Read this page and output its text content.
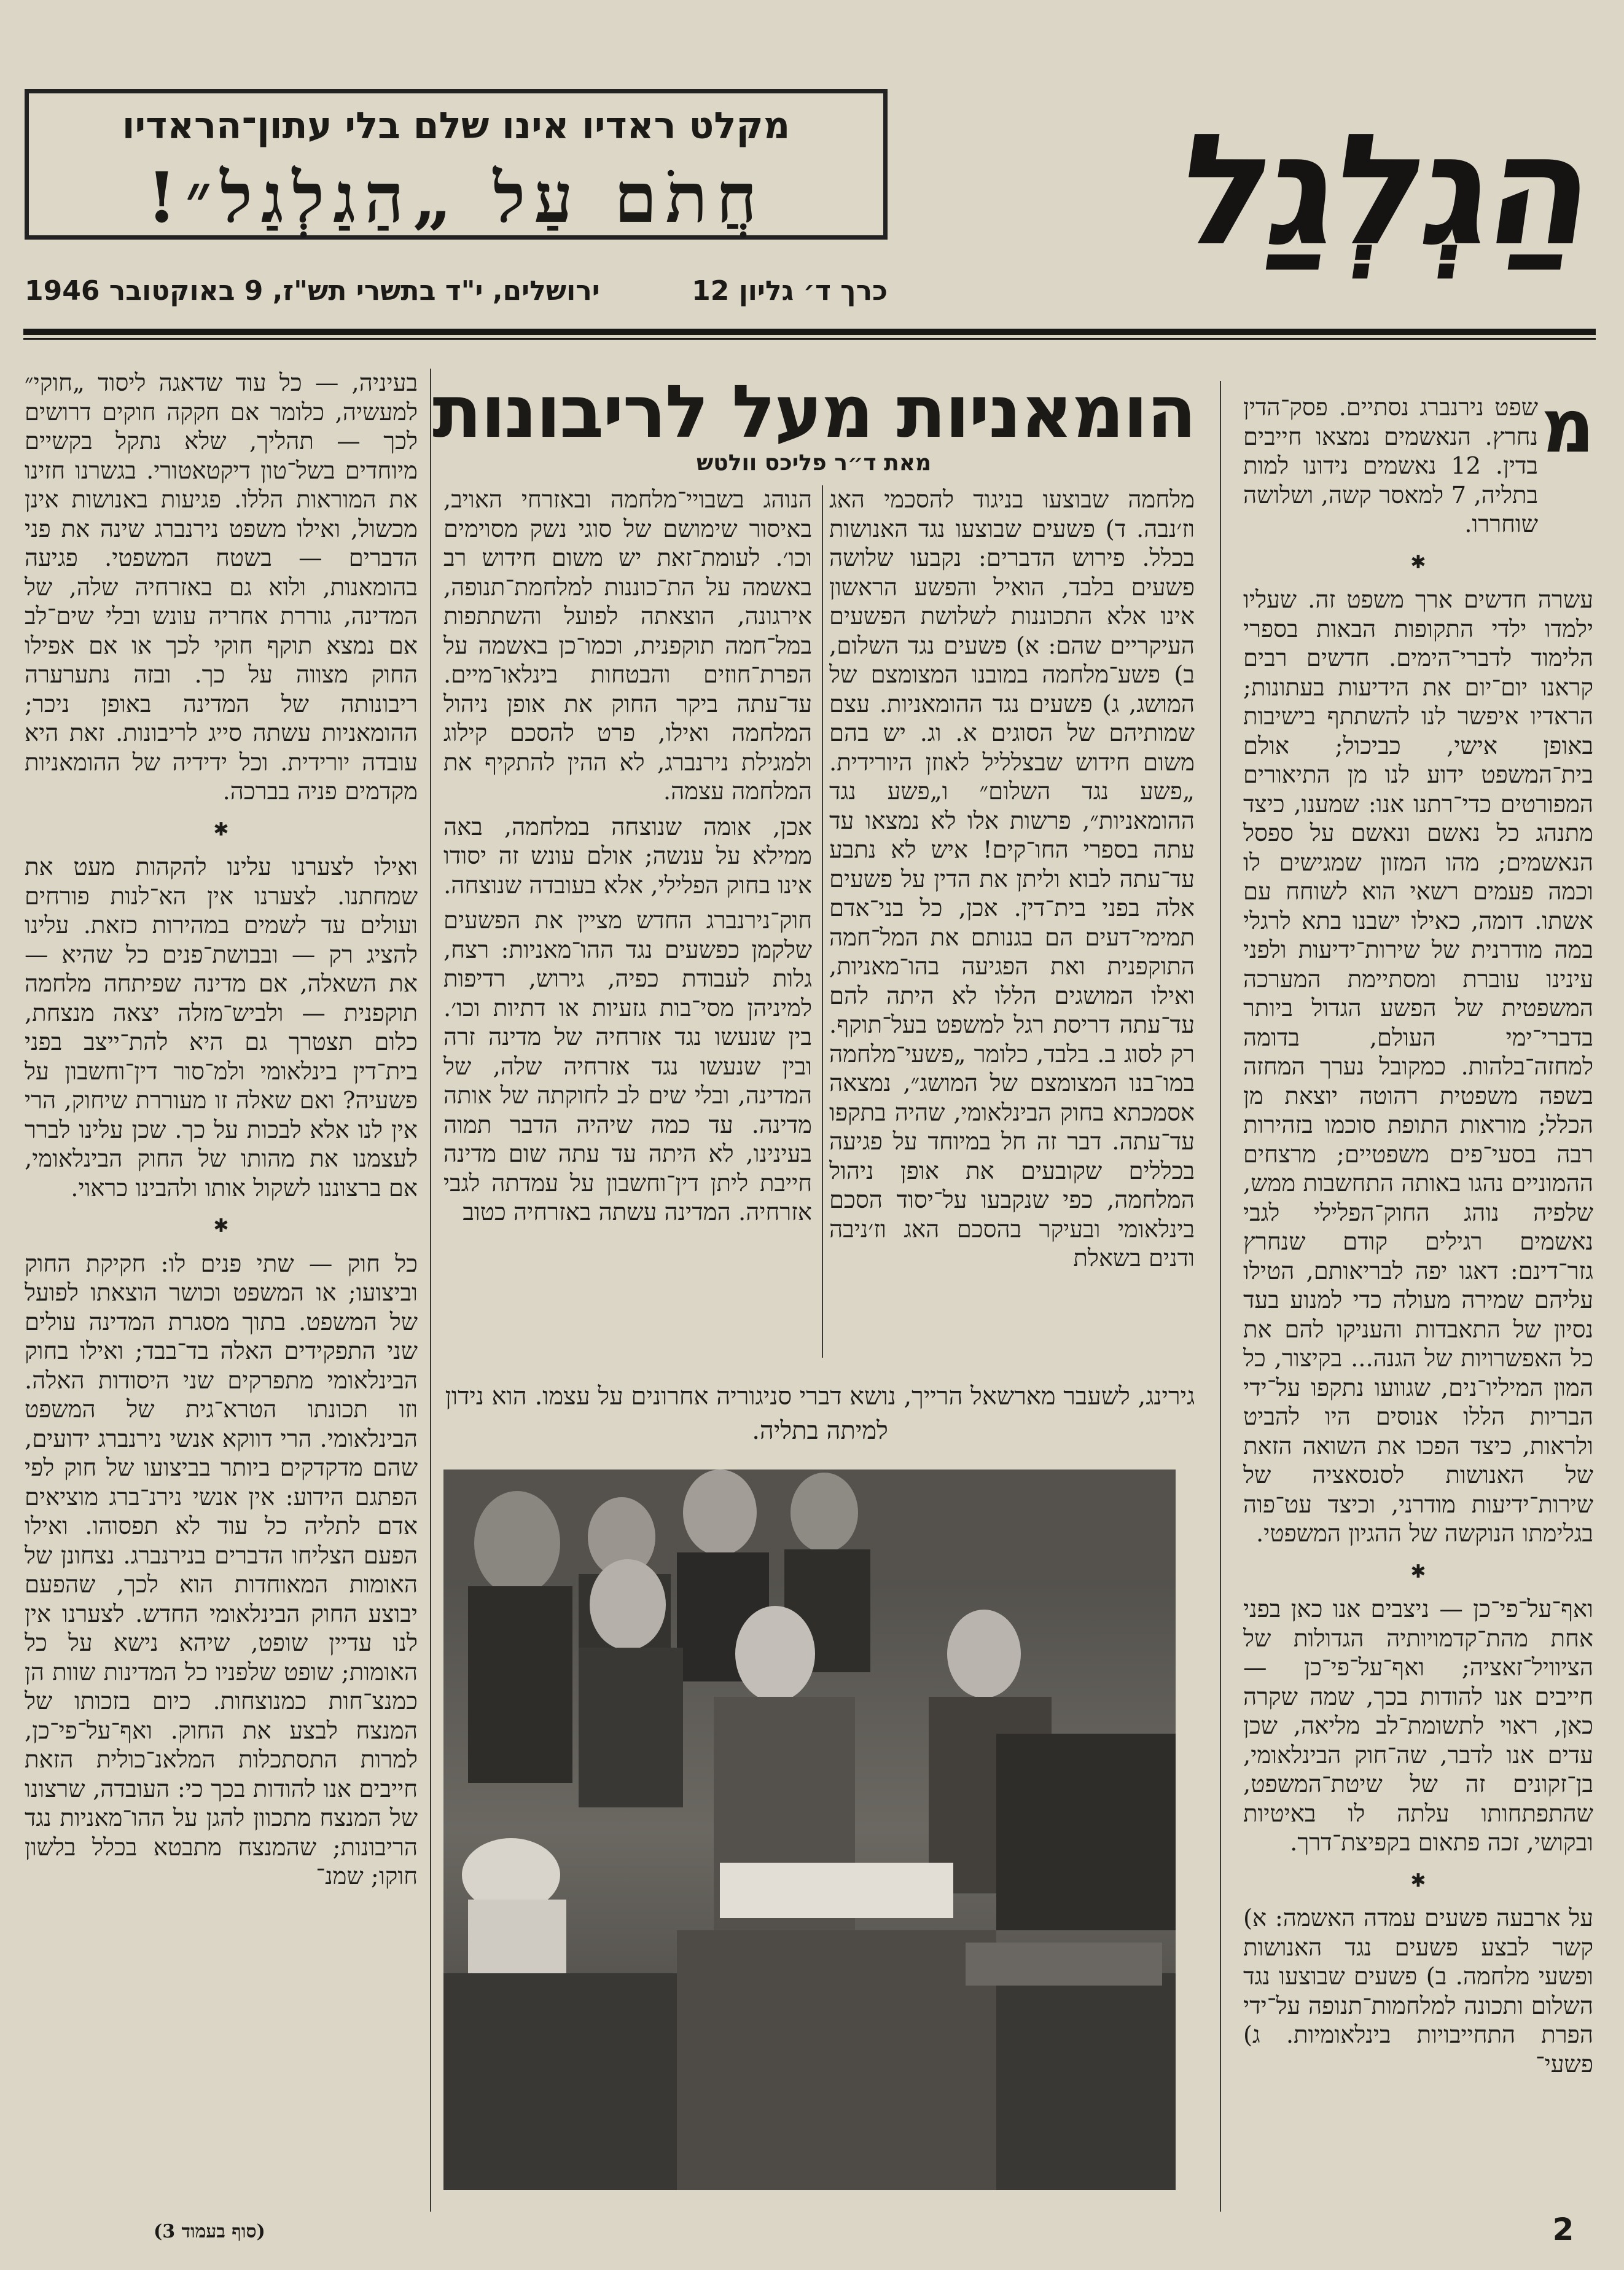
הַגְלְגַל
מקלט ראדיו אינו שלם בלי עתון־הראדיו
חֲתֹם עַל „הַגַלְגַל״!
ירושלים, י"ד בתשרי תש"ז, 9 באוקטובר 1946	כרך ד׳ גליון 12
הומאניות מעל לריבונות
מאת ד״ר פליכס וולטש	מ

שפט נירנברג נסתיים. פסק־הדין נחרץ. הנאשמים נמצאו חייבים בדין. 12 נאשמים נידונו למות בתליה, 7 למאסר קשה, ושלושה שוחררו.

✱

עשרה חדשים ארך משפט זה. שעליו ילמדו ילדי התקופות הבאות בספרי הלימוד לדברי־הימים. חדשים רבים קראנו יום־יום את הידיעות בעתונות; הראדיו איפשר לנו להשתתף בישיבות באופן אישי, כביכול; אולם בית־המשפט ידוע לנו מן התיאורים המפורטים כדי־רתנו אנו: שמענו, כיצד מתנהג כל נאשם ונאשם על ספסל הנאשמים; מהו המזון שמגישים לו וכמה פעמים רשאי הוא לשוחח עם אשתו. דומה, כאילו ישבנו בתא לרגלי במה מודרנית של שירות־ידיעות ולפני עינינו עוברת ומסתיימת המערכה המשפטית של הפשע הגדול ביותר בדברי־ימי העולם, בדומה למחזה־בלהות. כמקובל נערך המחזה בשפה משפטית רהוטה יוצאת מן הכלל; מוראות התופת סוכמו בזהירות רבה בסעי־פים משפטיים; מרצחים ההמוניים נהגו באותה התחשבות ממש, שלפיה נוהג החוק־הפלילי לגבי נאשמים רגילים קודם שנחרץ גזר־דינם: דאגו יפה לבריאותם, הטילו עליהם שמירה מעולה כדי למנוע בעד נסיון של התאבדות והעניקו להם את כל האפשרויות של הגנה... בקיצור, כל המון המיליו־נים, שגוועו נתקפו על־ידי הבריות הללו אנוסים היו להביט ולראות, כיצד הפכו את השואה הזאת של האנושות לסנסאציה של שירות־ידיעות מודרני, וכיצד עט־פוה בגלימתו הנוקשה של ההגיון המשפטי.

✱

ואף־על־פי־כן — ניצבים אנו כאן בפני אחת מהת־קדמויותיה הגדולות של הציוויל־זאציה; ואף־על־פי־כן — חייבים אנו להודות בכך, שמה שקרה כאן, ראוי לתשומת־לב מליאה, שכן עדים אנו לדבר, שה־חוק הבינלאומי, בן־זקונים זה של שיטת־המשפט, שהתפתחותו עלתה לו באיטיות ובקושי, זכה פתאום בקפיצת־דרך.

✱

על ארבעה פשעים עמדה האשמה: א) קשר לבצע פשעים נגד האנושות ופשעי מלחמה. ב) פשעים שבוצעו נגד השלום ותכונה למלחמות־תנופה על־ידי הפרת התחייבויות בינלאומיות. ג) פשעי־

מלחמה שבוצעו בניגוד להסכמי האג וז׳נבה. ד) פשעים שבוצעו נגד האנושות בכלל. פירוש הדברים: נקבעו שלושה פשעים בלבד, הואיל והפשע הראשון אינו אלא התכוננות לשלושת הפשעים העיקריים שהם: א) פשעים נגד השלום, ב) פשע־מלחמה במובנו המצומצם של המושג, ג) פשעים נגד ההומאניות. עצם שמותיהם של הסוגים א. וג. יש בהם משום חידוש שבצלליל לאוזן היורידית. „פשע נגד השלום״ ו„פשע נגד ההומאניות״, פרשות אלו לא נמצאו עד עתה בספרי החו־קים! איש לא נתבע עד־עתה לבוא וליתן את הדין על פשעים אלה בפני בית־דין. אכן, כל בני־אדם תמימי־דעים הם בגנותם את המל־חמה התוקפנית ואת הפגיעה בהו־מאניות, ואילו המושגים הללו לא היתה להם עד־עתה דריסת רגל למשפט בעל־תוקף. רק לסוג ב. בלבד, כלומר „פשעי־מלחמה במו־בנו המצומצם של המושג״, נמצאה אסמכתא בחוק הבינלאומי, שהיה בתקפו עד־עתה. דבר זה חל במיוחד על פגיעה בכללים שקובעים את אופן ניהול המלחמה, כפי שנקבעו על־יסוד הסכם בינלאומי ובעיקר בהסכם האג וז׳ניבה ודנים בשאלת

הנוהג בשבויי־מלחמה ובאזרחי האויב, באיסור שימושם של סוגי נשק מסוימים וכו׳. לעומת־זאת יש משום חידוש רב באשמה על הת־כוננות למלחמת־תנופה, אירגונה, הוצאתה לפועל והשתתפות במל־חמה תוקפנית, וכמו־כן באשמה על הפרת־חוזים והבטחות בינלאו־מיים. עד־עתה ביקר החוק את אופן ניהול המלחמה ואילו, פרט להסכם קילוג ולמגילת נירנברג, לא ההין להתקיף את המלחמה עצמה.

אכן, אומה שנוצחה במלחמה, באה ממילא על ענשה; אולם עונש זה יסודו אינו בחוק הפלילי, אלא בעובדה שנוצחה.

חוק־נירנברג החדש מציין את הפשעים שלקמן כפשעים נגד ההו־מאניות: רצח, גלות לעבודת כפיה, גירוש, רדיפות למיניהן מסי־בות גזעיות או דתיות וכו׳. בין שנעשו נגד אזרחיה של מדינה זרה ובין שנעשו נגד אזרחיה שלה, של המדינה, ובלי שים לב לחוקתה של אותה מדינה. עד כמה שיהיה הדבר תמוה בעינינו, לא היתה עד עתה שום מדינה חייבת ליתן דין־וחשבון על עמדתה לגבי אזרחיה. המדינה עשתה באזרחיה כטוב

בעיניה, — כל עוד שדאגה ליסוד „חוקי״ למעשיה, כלומר אם חקקה חוקים דרושים לכך — תהליך, שלא נתקל בקשיים מיוחדים בשל־טון דיקטאטורי. בגשרנו חזינו את המוראות הללו. פגיעות באנושות אינן מכשול, ואילו משפט נירנברג שינה את פני הדברים — בשטח המשפטי. פגיעה בהומאנות, ולוא גם באזרחיה שלה, של המדינה, גוררת אחריה עונש ובלי שים־לב אם נמצא תוקף חוקי לכך או אם אפילו החוק מצווה על כך. ובזה נתערערה ריבונותה של המדינה באופן ניכר; ההומאניות עשתה סייג לריבונות. זאת היא עובדה יורידית. וכל ידידיה של ההומאניות מקדמים פניה בברכה.

✱

ואילו לצערנו עלינו להקהות מעט את שמחתנו. לצערנו אין הא־לנות פורחים ועולים עד לשמים במהירות כזאת. עלינו להציג רק — ובבושת־פנים כל שהיא — את השאלה, אם מדינה שפיתחה מלחמה תוקפנית — ולביש־מזלה יצאה מנצחת, כלום תצטרך גם היא להת־ייצב בפני בית־דין בינלאומי ולמ־סור דין־וחשבון על פשעיה? ואם שאלה זו מעוררת שיחוק, הרי אין לנו אלא לבכות על כך. שכן עלינו לברר לעצמנו את מהותו של החוק הבינלאומי, אם ברצוננו לשקול אותו ולהבינו כראוי.

✱

כל חוק — שתי פנים לו: חקיקת החוק וביצועו; או המשפט וכושר הוצאתו לפועל של המשפט. בתוך מסגרת המדינה עולים שני התפקידים האלה בד־בבד; ואילו בחוק הבינלאומי מתפרקים שני היסודות האלה. וזו תכונתו הטרא־גית של המשפט הבינלאומי. הרי דווקא אנשי נירנברג ידועים, שהם מדקדקים ביותר בביצועו של חוק לפי הפתגם הידוע: אין אנשי נירנ־ברג מוציאים אדם לתליה כל עוד לא תפסוהו. ואילו הפעם הצליחו הדברים בנירנברג. נצחונן של האומות המאוחדות הוא לכך, שהפעם יבוצע החוק הבינלאומי החדש. לצערנו אין לנו עדיין שופט, שיהא נישא על כל האומות; שופט שלפניו כל המדינות שוות הן כמנצ־חות כמנוצחות. כיום בזכותו של המנצח לבצע את החוק. ואף־על־פי־כן, למרות התסתכלות המלאנ־כולית הזאת חייבים אנו להודות בכך כי: העובדה, שרצונו של המנצח מתכוון להגן על ההו־מאניות נגד הריבונות; שהמנצח מתבטא בכלל בלשון חוקו; שמנ־

(סוף בעמוד 3)
גירינג, לשעבר מארשאל הרייך, נושא דברי סניגוריה אחרונים על עצמו. הוא נידון למיתה בתליה.
2
